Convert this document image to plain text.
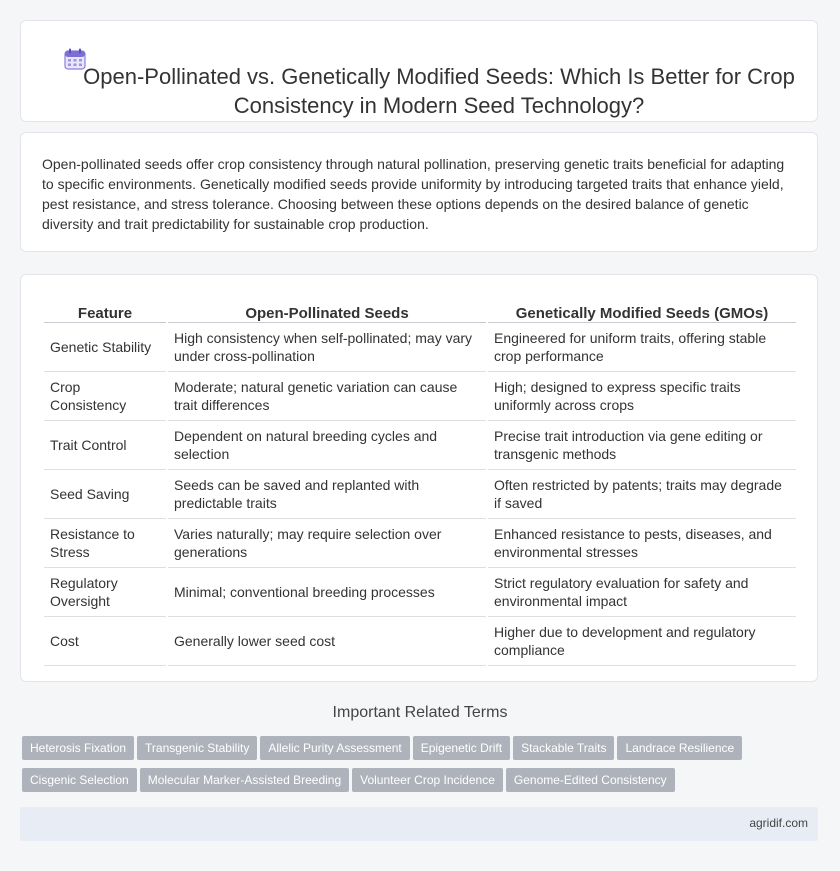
Open-Pollinated vs. Genetically Modified Seeds: Which Is Better for Crop Consistency in Modern Seed Technology?

Open-pollinated seeds offer crop consistency through natural pollination, preserving genetic traits beneficial for adapting to specific environments. Genetically modified seeds provide uniformity by introducing targeted traits that enhance yield, pest resistance, and stress tolerance. Choosing between these options depends on the desired balance of genetic diversity and trait predictability for sustainable crop production.

Feature	Open-Pollinated Seeds	Genetically Modified Seeds (GMOs)
Genetic Stability	High consistency when self-pollinated; may vary under cross-pollination	Engineered for uniform traits, offering stable crop performance
Crop Consistency	Moderate; natural genetic variation can cause trait differences	High; designed to express specific traits uniformly across crops
Trait Control	Dependent on natural breeding cycles and selection	Precise trait introduction via gene editing or transgenic methods
Seed Saving	Seeds can be saved and replanted with predictable traits	Often restricted by patents; traits may degrade if saved
Resistance to Stress	Varies naturally; may require selection over generations	Enhanced resistance to pests, diseases, and environmental stresses
Regulatory Oversight	Minimal; conventional breeding processes	Strict regulatory evaluation for safety and environmental impact
Cost	Generally lower seed cost	Higher due to development and regulatory compliance
Important Related Terms
Heterosis Fixation Transgenic Stability Allelic Purity Assessment Epigenetic Drift Stackable Traits Landrace Resilience
Cisgenic Selection Molecular Marker-Assisted Breeding Volunteer Crop Incidence Genome-Edited Consistency
agridif.com
